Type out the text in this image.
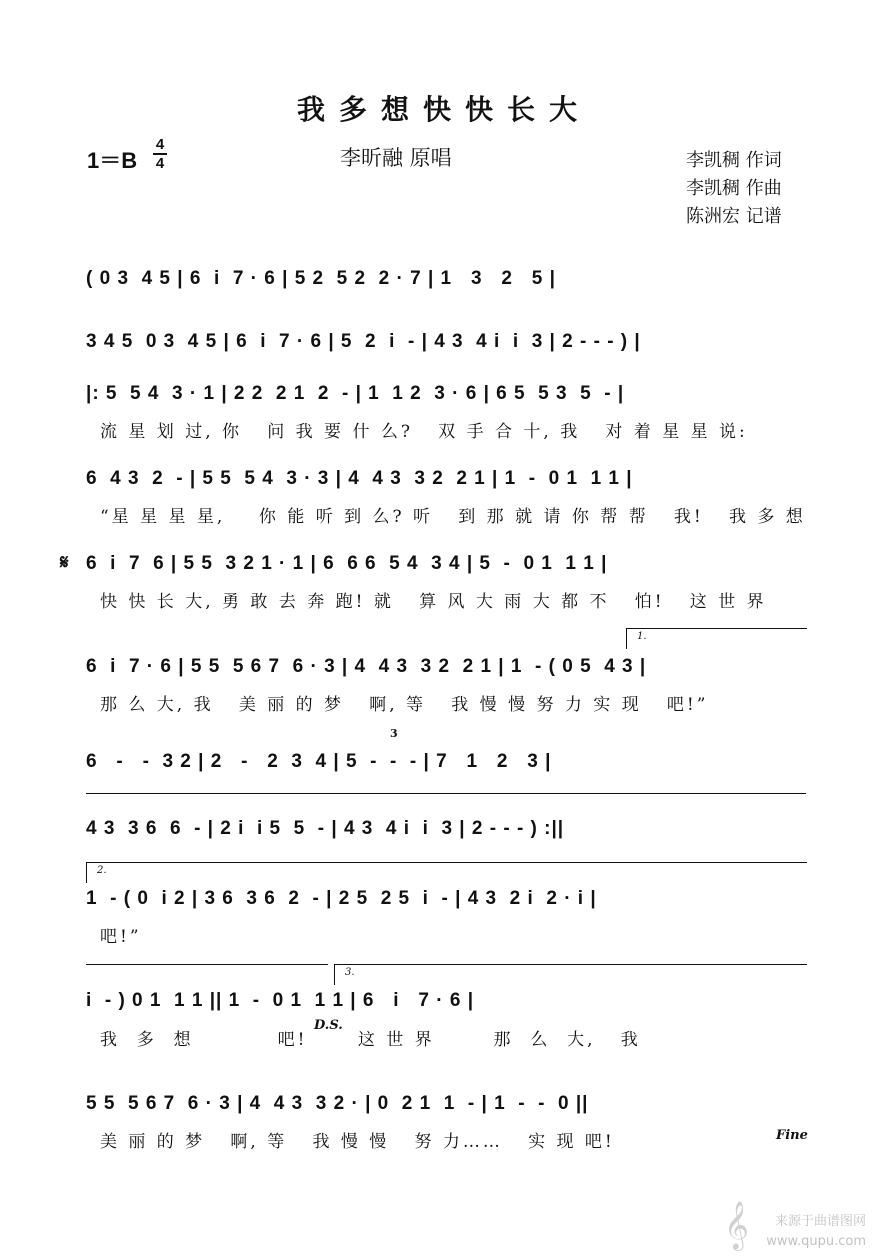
我多想快快长大
1＝B
4
4	李昕融 原唱	李凯稠 作词
李凯稠 作曲
陈洲宏 记谱
( 0 3  4 5 | 6  i  7 · 6 | 5 2  5 2  2 · 7 | 1   3   2   5 |
3 4 5  0 3  4 5 | 6  i  7 · 6 | 5  2  i  - | 4 3  4 i  i  3 | 2 - - - ) |
|: 5  5 4  3 · 1 | 2 2  2 1  2  - | 1  1 2  3 · 6 | 6 5  5 3  5  - |
流 星 划 过, 你   问 我 要 什 么?   双 手 合 十, 我   对 着 星 星 说:
6  4 3  2  - | 5 5  5 4  3 · 3 | 4  4 3  3 2  2 1 | 1  -  0 1  1 1 |
“星 星 星 星,    你 能 听 到 么? 听   到 那 就 请 你 帮 帮   我!   我 多 想
𝄋 6  i  7  6 | 5 5  3 2 1 · 1 | 6  6 6  5 4  3 4 | 5  -  0 1  1 1 |
快 快 长 大, 勇 敢 去 奔 跑! 就   算 风 大 雨 大 都 不   怕!   这 世 界
1.
6  i  7 · 6 | 5 5  5 6 7  6 · 3 | 4  4 3  3 2  2 1 | 1  - ( 0 5  4 3 |
那 么 大, 我   美 丽 的 梦   啊, 等   我 慢 慢 努 力 实 现   吧!”
3
6   -   -  3 2 | 2   -   2  3  4 | 5  -  -  - | 7   1   2   3 |
4 3  3 6  6  - | 2 i  i 5  5  - | 4 3  4 i  i  3 | 2 - - - ) :||
2.
1  - ( 0  i 2 | 3 6  3 6  2  - | 2 5  2 5  i  - | 4 3  2 i  2 · i |
吧!”
3.
i  - ) 0 1  1 1 || 1  -  0 1  1 1 | 6   i   7 · 6 |
我  多  想          吧!      这 世 界       那  么  大,   我
D.S.
5 5  5 6 7  6 · 3 | 4  4 3  3 2 · | 0  2 1  1  - | 1  -  -  0 ||
美 丽 的 梦   啊, 等   我 慢 慢   努 力……   实 现 吧!	Fine
𝄞	来源于曲谱图网
www.qupu.com
